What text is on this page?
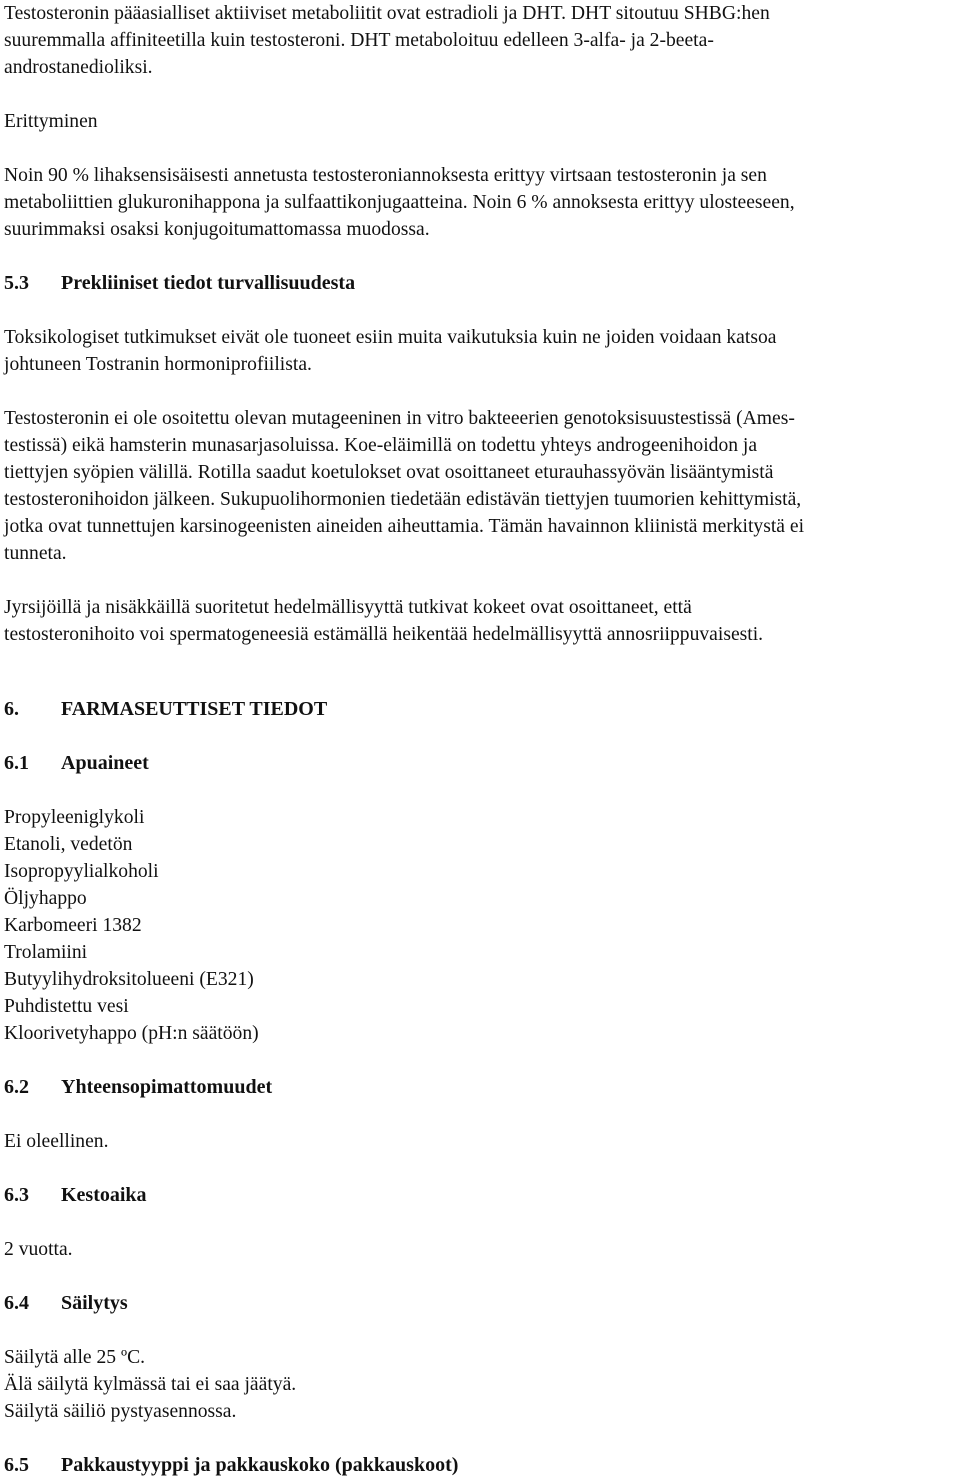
Testosteronin pääasialliset aktiiviset metaboliitit ovat estradioli ja DHT. DHT sitoutuu SHBG:hen

suuremmalla affiniteetilla kuin testosteroni. DHT metaboloituu edelleen 3-alfa- ja 2-beeta-

androstanedioliksi.

Erittyminen

Noin 90 % lihaksensisäisesti annetusta testosteroniannoksesta erittyy virtsaan testosteronin ja sen

metaboliittien glukuronihappona ja sulfaattikonjugaatteina. Noin 6 % annoksesta erittyy ulosteeseen,

suurimmaksi osaksi konjugoitumattomassa muodossa.

5.3	Prekliiniset tiedot turvallisuudesta

Toksikologiset tutkimukset eivät ole tuoneet esiin muita vaikutuksia kuin ne joiden voidaan katsoa

johtuneen Tostranin hormoniprofiilista.

Testosteronin ei ole osoitettu olevan mutageeninen in vitro bakteeerien genotoksisuustestissä (Ames-

testissä) eikä hamsterin munasarjasoluissa. Koe-eläimillä on todettu yhteys androgeenihoidon ja

tiettyjen syöpien välillä. Rotilla saadut koetulokset ovat osoittaneet eturauhassyövän lisääntymistä

testosteronihoidon jälkeen. Sukupuolihormonien tiedetään edistävän tiettyjen tuumorien kehittymistä,

jotka ovat tunnettujen karsinogeenisten aineiden aiheuttamia. Tämän havainnon kliinistä merkitystä ei

tunneta.

Jyrsijöillä ja nisäkkäillä suoritetut hedelmällisyyttä tutkivat kokeet ovat osoittaneet, että

testosteronihoito voi spermatogeneesiä estämällä heikentää hedelmällisyyttä annosriippuvaisesti.

6.	FARMASEUTTISET TIEDOT
6.1	Apuaineet

Propyleeniglykoli

Etanoli, vedetön

Isopropyylialkoholi

Öljyhappo

Karbomeeri 1382

Trolamiini

Butyylihydroksitolueeni (E321)

Puhdistettu vesi

Kloorivetyhappo (pH:n säätöön)

6.2	Yhteensopimattomuudet

Ei oleellinen.

6.3	Kestoaika

2 vuotta.

6.4	Säilytys

Säilytä alle 25 ºC.

Älä säilytä kylmässä tai ei saa jäätyä.

Säilytä säiliö pystyasennossa.

6.5	Pakkaustyyppi ja pakkauskoko (pakkauskoot)
